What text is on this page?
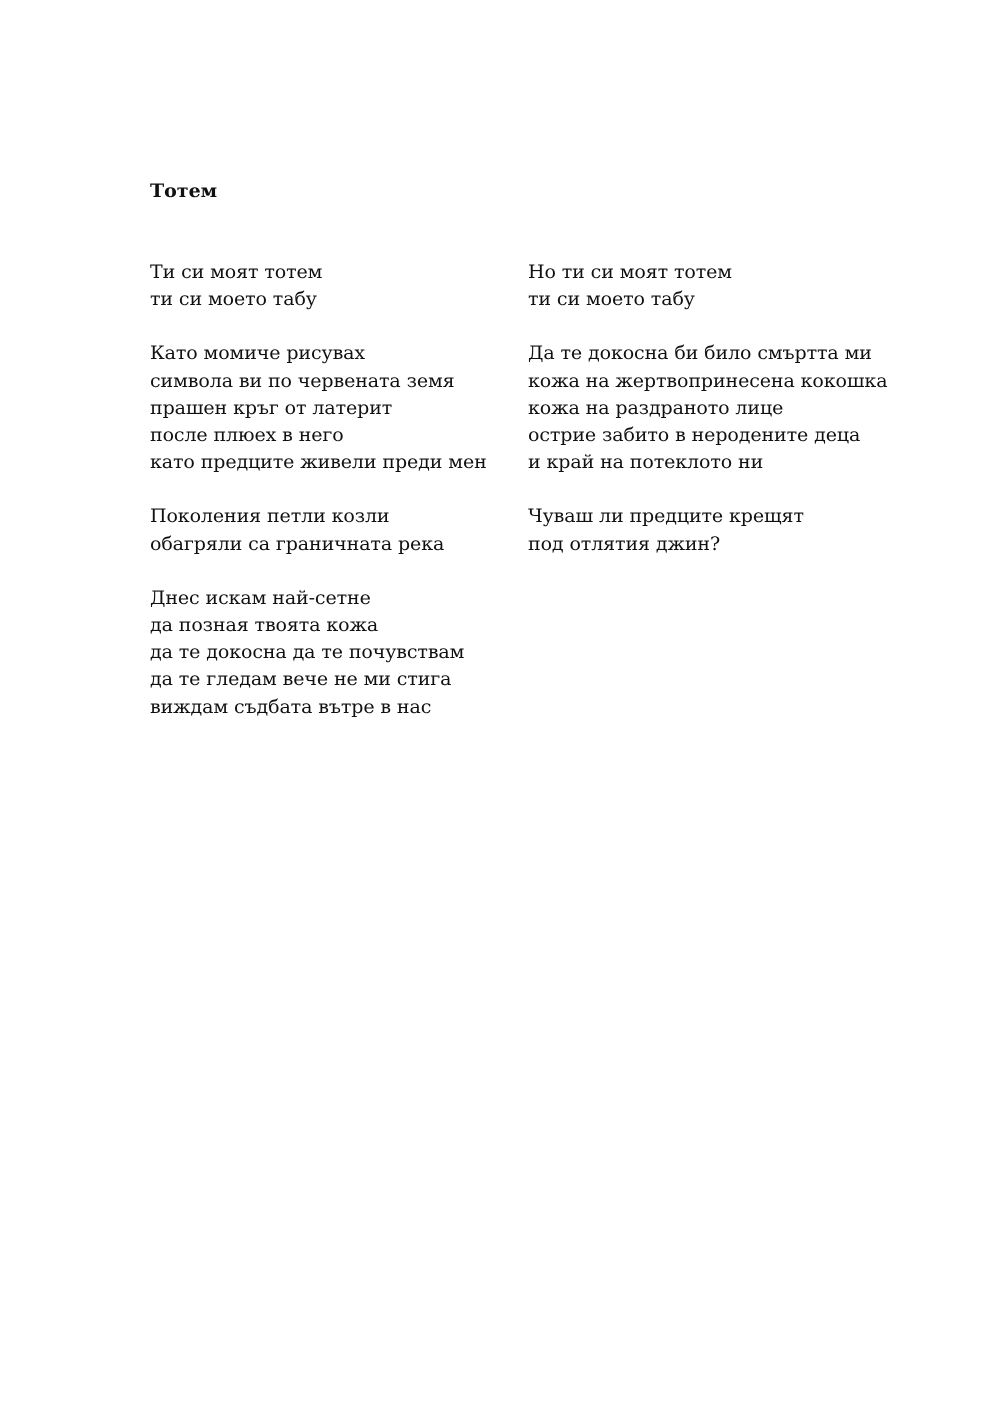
Тотем
Ти си моят тотем
ти си моето табу
Като момиче рисувах
символа ви по червената земя
прашен кръг от латерит
после плюех в него
като предците живели преди мен
Поколения петли козли
обагряли са граничната река
Днес искам най-сетне
да позная твоята кожа
да те докосна да те почувствам
да те гледам вече не ми стига
виждам съдбата вътре в нас
Но ти си моят тотем
ти си моето табу
Да те докосна би било смъртта ми
кожа на жертвопринесена кокошка
кожа на раздраното лице
острие забито в неродените деца
и край на потеклото ни
Чуваш ли предците крещят
под отлятия джин?
